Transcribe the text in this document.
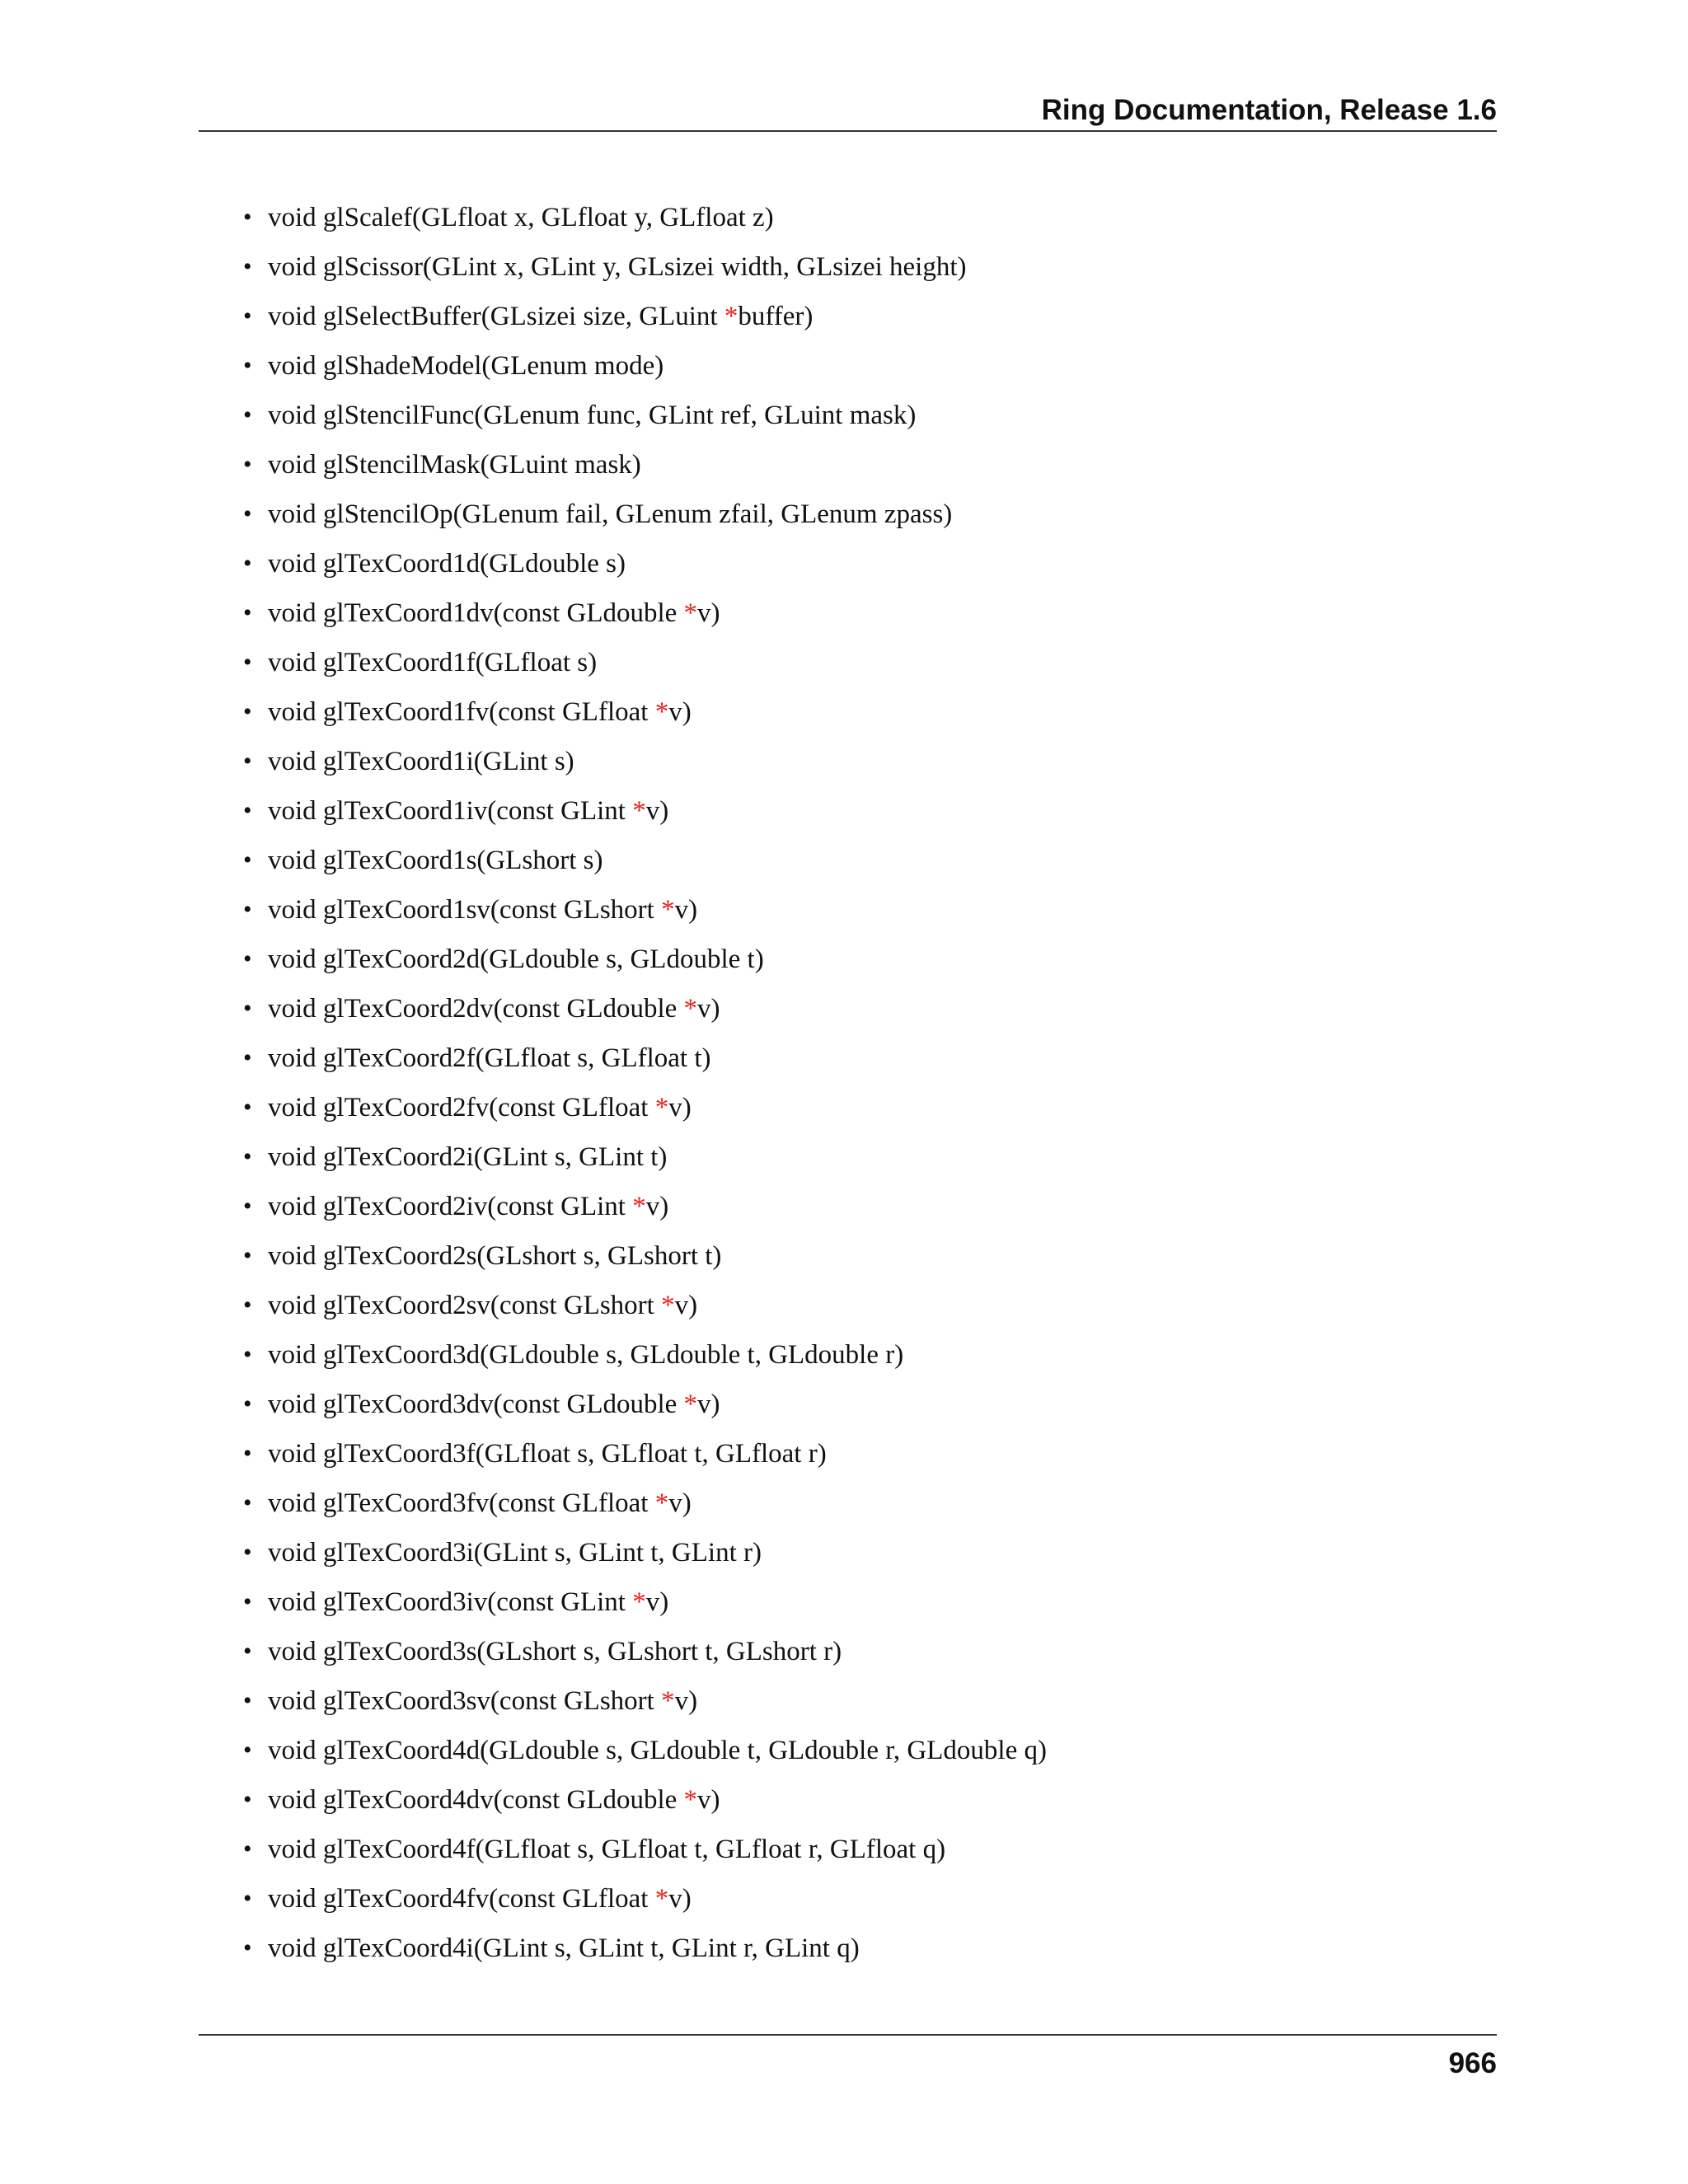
Ring Documentation, Release 1.6
• void glScalef(GLfloat x, GLfloat y, GLfloat z)
• void glScissor(GLint x, GLint y, GLsizei width, GLsizei height)
• void glSelectBuffer(GLsizei size, GLuint *buffer)
• void glShadeModel(GLenum mode)
• void glStencilFunc(GLenum func, GLint ref, GLuint mask)
• void glStencilMask(GLuint mask)
• void glStencilOp(GLenum fail, GLenum zfail, GLenum zpass)
• void glTexCoord1d(GLdouble s)
• void glTexCoord1dv(const GLdouble *v)
• void glTexCoord1f(GLfloat s)
• void glTexCoord1fv(const GLfloat *v)
• void glTexCoord1i(GLint s)
• void glTexCoord1iv(const GLint *v)
• void glTexCoord1s(GLshort s)
• void glTexCoord1sv(const GLshort *v)
• void glTexCoord2d(GLdouble s, GLdouble t)
• void glTexCoord2dv(const GLdouble *v)
• void glTexCoord2f(GLfloat s, GLfloat t)
• void glTexCoord2fv(const GLfloat *v)
• void glTexCoord2i(GLint s, GLint t)
• void glTexCoord2iv(const GLint *v)
• void glTexCoord2s(GLshort s, GLshort t)
• void glTexCoord2sv(const GLshort *v)
• void glTexCoord3d(GLdouble s, GLdouble t, GLdouble r)
• void glTexCoord3dv(const GLdouble *v)
• void glTexCoord3f(GLfloat s, GLfloat t, GLfloat r)
• void glTexCoord3fv(const GLfloat *v)
• void glTexCoord3i(GLint s, GLint t, GLint r)
• void glTexCoord3iv(const GLint *v)
• void glTexCoord3s(GLshort s, GLshort t, GLshort r)
• void glTexCoord3sv(const GLshort *v)
• void glTexCoord4d(GLdouble s, GLdouble t, GLdouble r, GLdouble q)
• void glTexCoord4dv(const GLdouble *v)
• void glTexCoord4f(GLfloat s, GLfloat t, GLfloat r, GLfloat q)
• void glTexCoord4fv(const GLfloat *v)
• void glTexCoord4i(GLint s, GLint t, GLint r, GLint q)
966
